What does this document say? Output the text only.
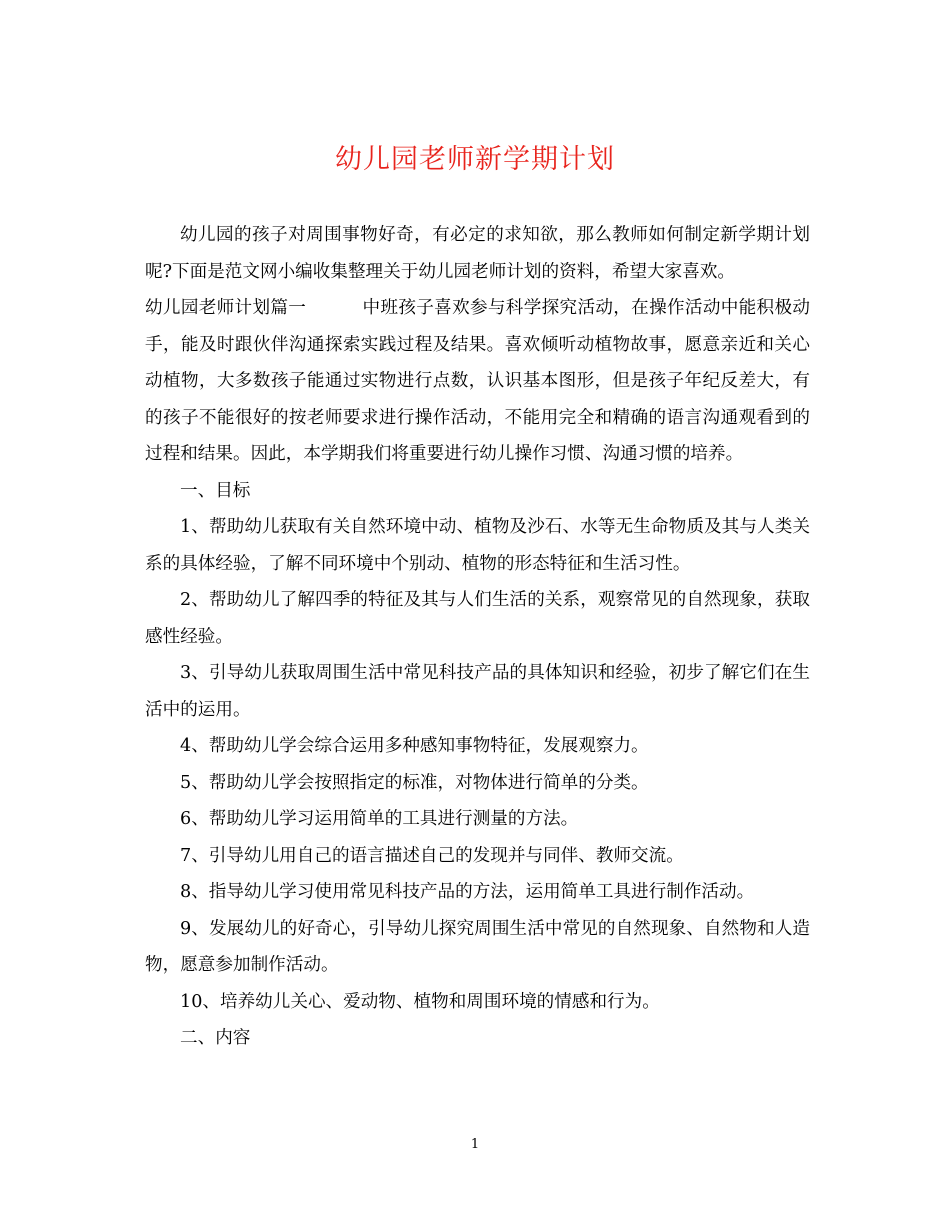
幼儿园老师新学期计划

幼儿园的孩子对周围事物好奇，有必定的求知欲，那么教师如何制定新学期计划呢?下面是范文网小编收集整理关于幼儿园老师计划的资料，希望大家喜欢。

幼儿园老师计划篇一	中班孩子喜欢参与科学探究活动，在操作活动中能积极动手，能及时跟伙伴沟通探索实践过程及结果。喜欢倾听动植物故事，愿意亲近和关心动植物，大多数孩子能通过实物进行点数，认识基本图形，但是孩子年纪反差大，有的孩子不能很好的按老师要求进行操作活动，不能用完全和精确的语言沟通观看到的过程和结果。因此，本学期我们将重要进行幼儿操作习惯、沟通习惯的培养。

一、目标

1、帮助幼儿获取有关自然环境中动、植物及沙石、水等无生命物质及其与人类关系的具体经验，了解不同环境中个别动、植物的形态特征和生活习性。

2、帮助幼儿了解四季的特征及其与人们生活的关系，观察常见的自然现象，获取感性经验。

3、引导幼儿获取周围生活中常见科技产品的具体知识和经验，初步了解它们在生活中的运用。

4、帮助幼儿学会综合运用多种感知事物特征，发展观察力。

5、帮助幼儿学会按照指定的标准，对物体进行简单的分类。

6、帮助幼儿学习运用简单的工具进行测量的方法。

7、引导幼儿用自己的语言描述自己的发现并与同伴、教师交流。

8、指导幼儿学习使用常见科技产品的方法，运用简单工具进行制作活动。

9、发展幼儿的好奇心，引导幼儿探究周围生活中常见的自然现象、自然物和人造物，愿意参加制作活动。

10、培养幼儿关心、爱动物、植物和周围环境的情感和行为。

二、内容

1
